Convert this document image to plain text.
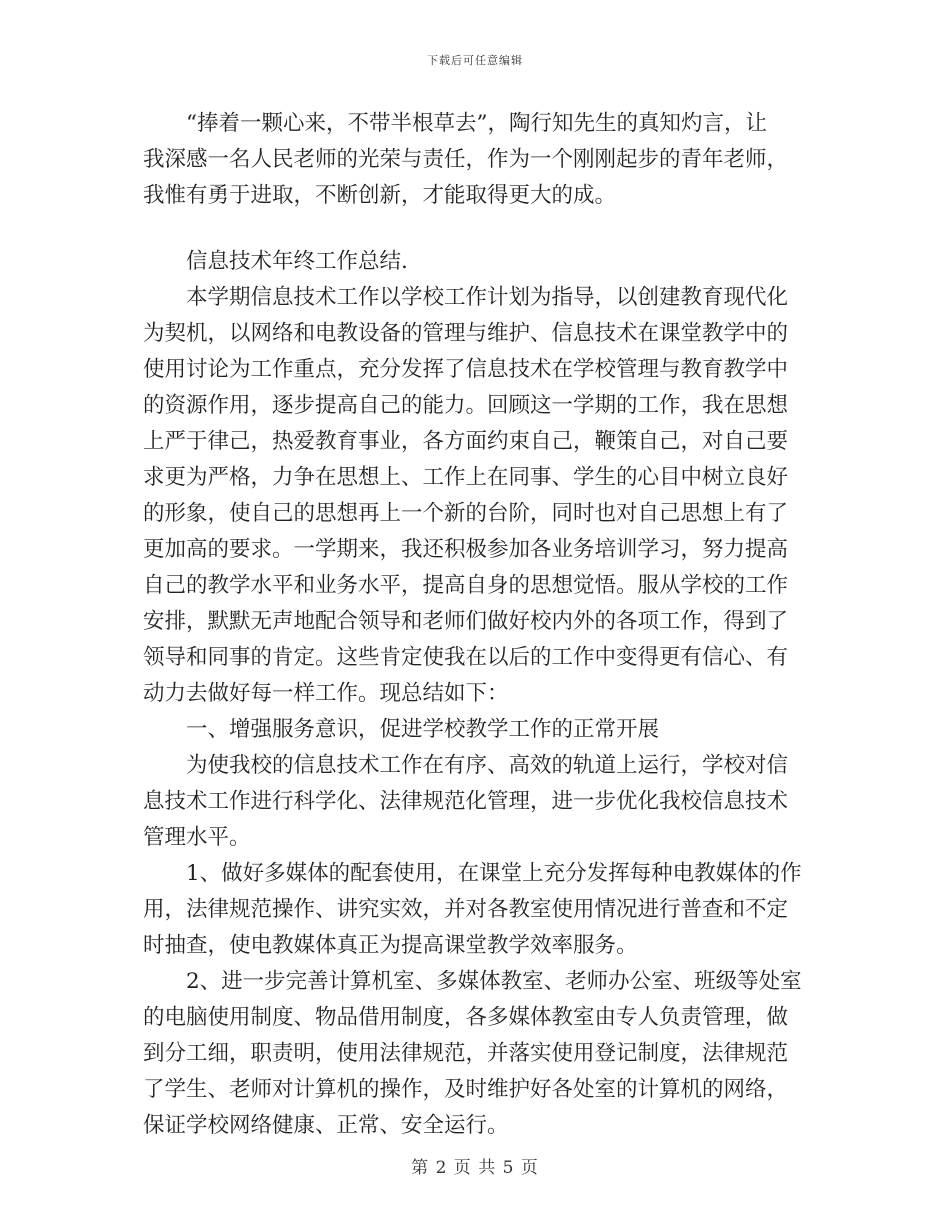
下载后可任意编辑
　　“捧着一颗心来，不带半根草去”，陶行知先生的真知灼言，让
我深感一名人民老师的光荣与责任，作为一个刚刚起步的青年老师，
我惟有勇于进取，不断创新，才能取得更大的成。
　　信息技术年终工作总结.
　　本学期信息技术工作以学校工作计划为指导，以创建教育现代化
为契机，以网络和电教设备的管理与维护、信息技术在课堂教学中的
使用讨论为工作重点，充分发挥了信息技术在学校管理与教育教学中
的资源作用，逐步提高自己的能力。回顾这一学期的工作，我在思想
上严于律己，热爱教育事业，各方面约束自己，鞭策自己，对自己要
求更为严格，力争在思想上、工作上在同事、学生的心目中树立良好
的形象，使自己的思想再上一个新的台阶，同时也对自己思想上有了
更加高的要求。一学期来，我还积极参加各业务培训学习，努力提高
自己的教学水平和业务水平，提高自身的思想觉悟。服从学校的工作
安排，默默无声地配合领导和老师们做好校内外的各项工作，得到了
领导和同事的肯定。这些肯定使我在以后的工作中变得更有信心、有
动力去做好每一样工作。现总结如下：
　　一、增强服务意识，促进学校教学工作的正常开展
　　为使我校的信息技术工作在有序、高效的轨道上运行，学校对信
息技术工作进行科学化、法律规范化管理，进一步优化我校信息技术
管理水平。
　　1、做好多媒体的配套使用，在课堂上充分发挥每种电教媒体的作
用，法律规范操作、讲究实效，并对各教室使用情况进行普查和不定
时抽查，使电教媒体真正为提高课堂教学效率服务。
　　2、进一步完善计算机室、多媒体教室、老师办公室、班级等处室
的电脑使用制度、物品借用制度，各多媒体教室由专人负责管理，做
到分工细，职责明，使用法律规范，并落实使用登记制度，法律规范
了学生、老师对计算机的操作，及时维护好各处室的计算机的网络，
保证学校网络健康、正常、安全运行。
第 2 页 共 5 页
